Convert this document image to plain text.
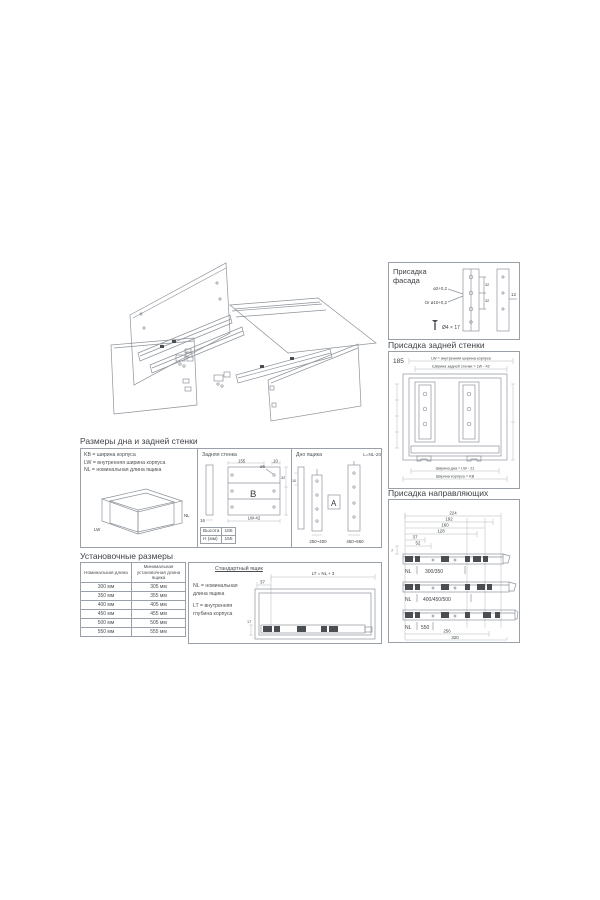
Присадка
фасада	32
32
ø2+0,2
Or ø10+0,2
12
Ø4 × 17
Присадка задней стенки
185	LW = внутренняя ширина корпуса
Ширина задней стенки = LW - 42
Ширина дна = LW - 21
Ширина корпуса = KB
Размеры дна и задней стенки
KB = ширина корпуса
LW = внутренняя ширина корпуса
NL = номинальная длина ящика
LW
NL
Задняя стенка
B
155	10
ø6
32
LW-42
16
Высота	185
H (мм)	155
Дно ящика	L=NL-20
A
10
250~400	450~550
Установочные размеры
Номинальная длина	Минимальная установочная длина ящика
300 мм	305 мм
350 мм	355 мм
400 мм	405 мм
450 мм	455 мм
500 мм	505 мм
550 мм	555 мм
Стандартный ящик
NL = номинальная длина ящика
LT = внутренняя глубина корпуса
LT = NL + 3
37
17
Присадка направляющих
224
192
160
128
37
52
7
256
320
NL	300/350
NL 400/450/500
NL 550
